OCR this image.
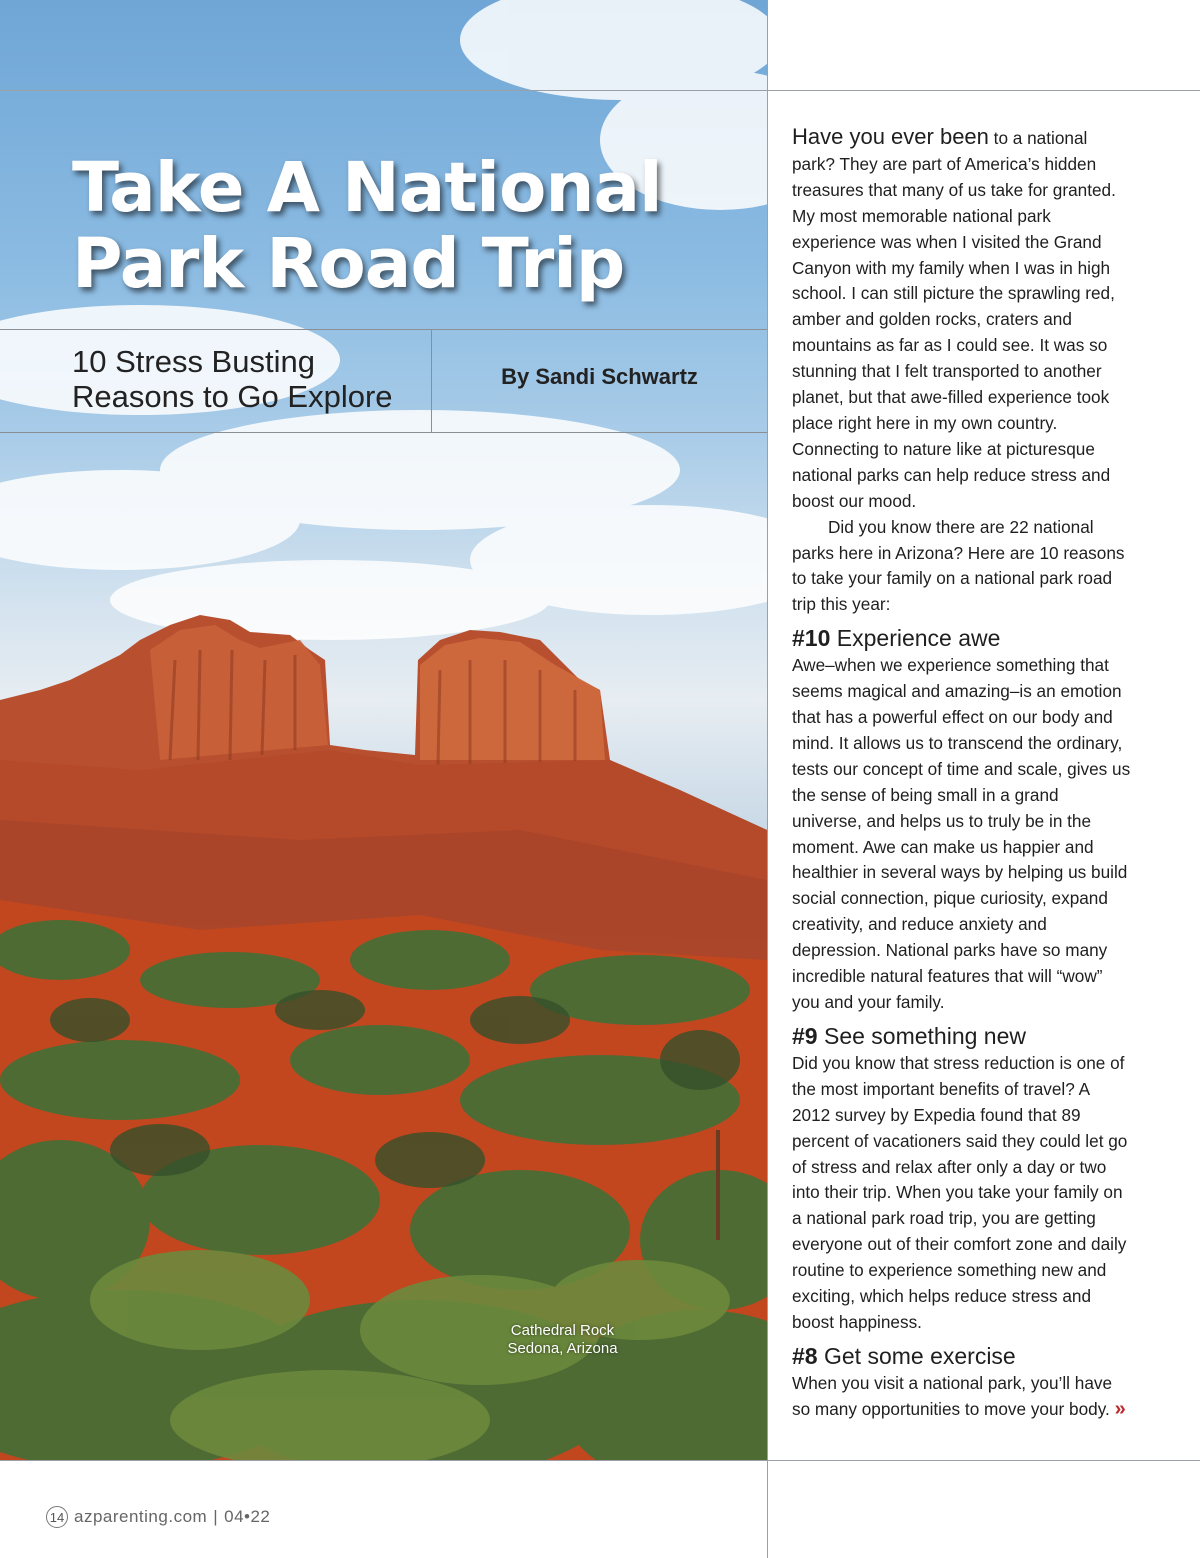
Take A National Park Road Trip
10 Stress Busting Reasons to Go Explore
By Sandi Schwartz
Cathedral Rock
Sedona, Arizona

Have you ever been to a national park? They are part of America’s hidden treasures that many of us take for granted. My most memorable national park experience was when I visited the Grand Canyon with my family when I was in high school. I can still picture the sprawling red, amber and golden rocks, craters and mountains as far as I could see. It was so stunning that I felt transported to another planet, but that awe-filled experience took place right here in my own country. Connecting to nature like at picturesque national parks can help reduce stress and boost our mood.

Did you know there are 22 national parks here in Arizona? Here are 10 reasons to take your family on a national park road trip this year:

#10 Experience awe

Awe–when we experience something that seems magical and amazing–is an emotion that has a powerful effect on our body and mind. It allows us to transcend the ordinary, tests our concept of time and scale, gives us the sense of being small in a grand universe, and helps us to truly be in the moment. Awe can make us happier and healthier in several ways by helping us build social connection, pique curiosity, expand creativity, and reduce anxiety and depression. National parks have so many incredible natural features that will “wow” you and your family.

#9 See something new

Did you know that stress reduction is one of the most important benefits of travel? A 2012 survey by Expedia found that 89 percent of vacationers said they could let go of stress and relax after only a day or two into their trip. When you take your family on a national park road trip, you are getting everyone out of their comfort zone and daily routine to experience something new and exciting, which helps reduce stress and boost happiness.

#8 Get some exercise

When you visit a national park, you’ll have so many opportunities to move your body. »

14 azparenting.com | 04•22
